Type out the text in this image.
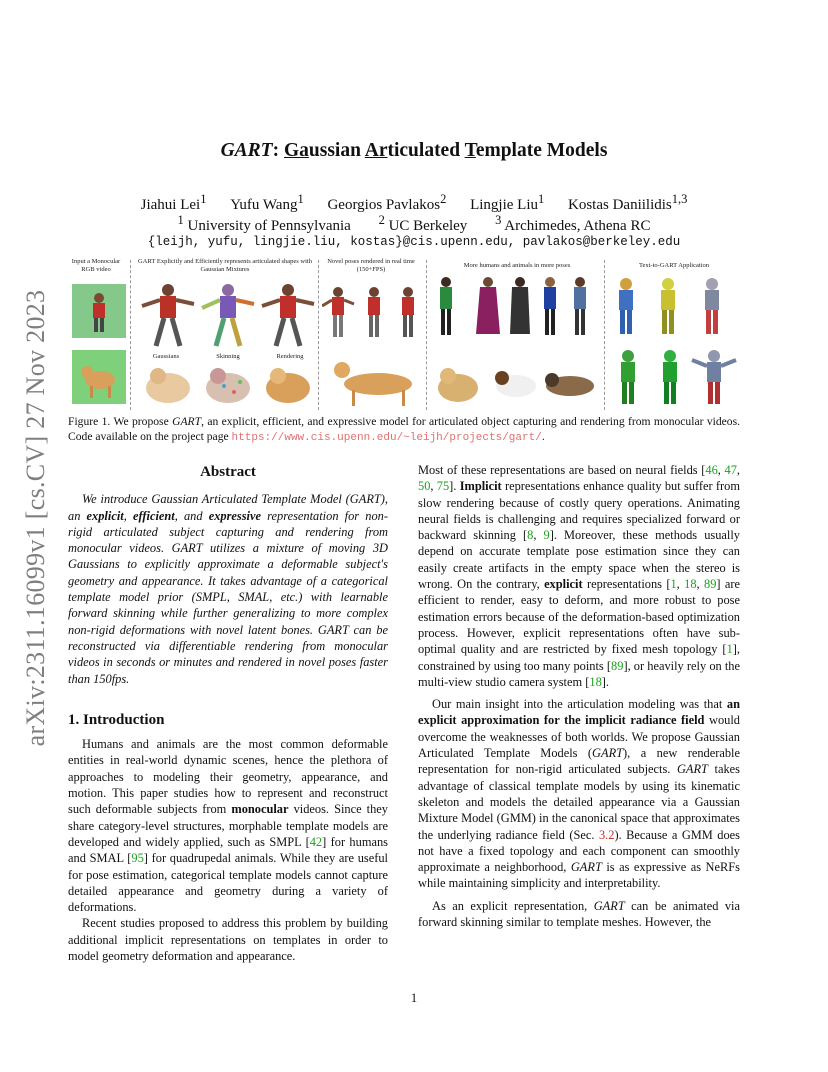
arXiv:2311.16099v1 [cs.CV] 27 Nov 2023
GART: Gaussian Articulated Template Models
Jiahui Lei$^1$ Yufu Wang$^1$ Georgios Pavlakos$^2$ Lingjie Liu$^1$ Kostas Daniilidis$^{1,3}$
$^1$ University of Pennsylvania $^2$ UC Berkeley $^3$ Archimedes, Athena RC
{leijh, yufu, lingjie.liu, kostas}@cis.upenn.edu, pavlakos@berkeley.edu
Input a Monocular RGB video
GART Explicitly and Efficiently represents articulated shapes with Gaussian Mixtures
Novel poses rendered in real time (150+FPS)
More humans and animals in more poses	Text-to-GART Application
Gaussians	Skinning	Rendering
Figure 1. We propose GART, an explicit, efficient, and expressive model for articulated object capturing and rendering from monocular videos. Code available on the project page https://www.cis.upenn.edu/~leijh/projects/gart/.
Abstract

We introduce Gaussian Articulated Template Model (GART), an explicit, efficient, and expressive representation for non-rigid articulated subject capturing and rendering from monocular videos. GART utilizes a mixture of moving 3D Gaussians to explicitly approximate a deformable subject's geometry and appearance. It takes advantage of a categorical template model prior (SMPL, SMAL, etc.) with learnable forward skinning while further generalizing to more complex non-rigid deformations with novel latent bones. GART can be reconstructed via differentiable rendering from monocular videos in seconds or minutes and rendered in novel poses faster than 150fps.

1. Introduction

Humans and animals are the most common deformable entities in real-world dynamic scenes, hence the plethora of approaches to modeling their geometry, appearance, and motion. This paper studies how to represent and reconstruct such deformable subjects from monocular videos. Since they share category-level structures, morphable template models are developed and widely applied, such as SMPL [42] for humans and SMAL [95] for quadrupedal animals. While they are useful for pose estimation, categorical template models cannot capture detailed appearance and geometry during a variety of deformations.

Recent studies proposed to address this problem by building additional implicit representations on templates in order to model geometry deformation and appearance.

Most of these representations are based on neural fields [46, 47, 50, 75]. Implicit representations enhance quality but suffer from slow rendering because of costly query operations. Animating neural fields is challenging and requires specialized forward or backward skinning [8, 9]. Moreover, these methods usually depend on accurate template pose estimation since they can easily create artifacts in the empty space when the stereo is wrong. On the contrary, explicit representations [1, 18, 89] are efficient to render, easy to deform, and more robust to pose estimation errors because of the deformation-based optimization process. However, explicit representations often have sub-optimal quality and are restricted by fixed mesh topology [1], constrained by using too many points [89], or heavily rely on the multi-view studio camera system [18].

Our main insight into the articulation modeling was that an explicit approximation for the implicit radiance field would overcome the weaknesses of both worlds. We propose Gaussian Articulated Template Models (GART), a new renderable representation for non-rigid articulated subjects. GART takes advantage of classical template models by using its kinematic skeleton and models the detailed appearance via a Gaussian Mixture Model (GMM) in the canonical space that approximates the underlying radiance field (Sec. 3.2). Because a GMM does not have a fixed topology and each component can smoothly approximate a neighborhood, GART is as expressive as NeRFs while maintaining simplicity and interpretability.

As an explicit representation, GART can be animated via forward skinning similar to template meshes. However, the

1
